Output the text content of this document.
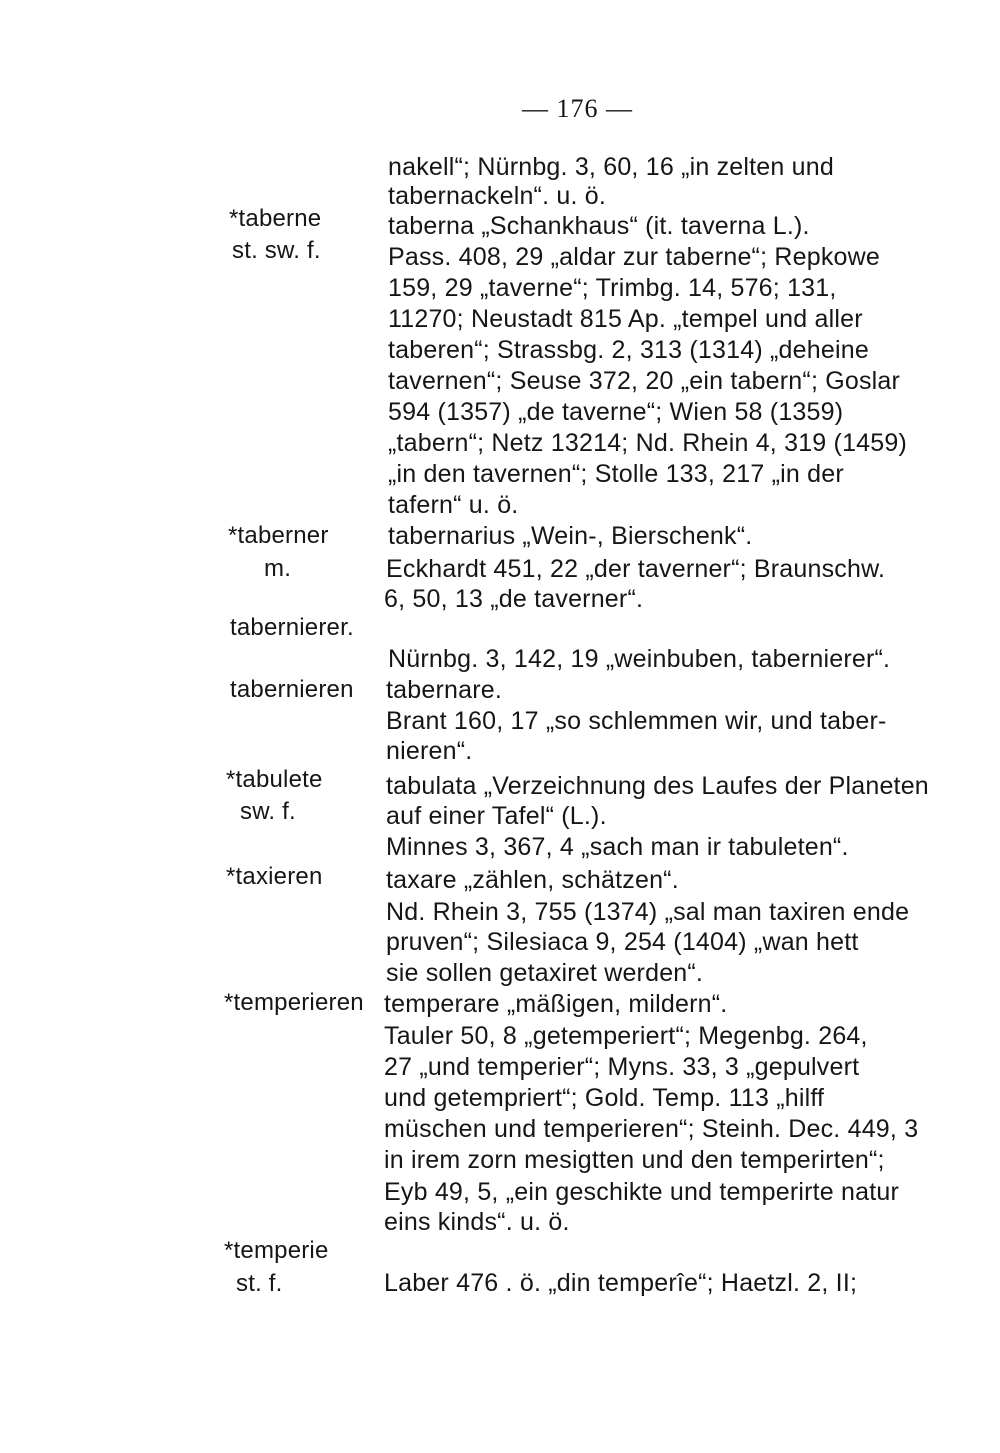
— 176 —
*taberne
st. sw. f.
*taberner
m.
tabernierer.
tabernieren
*tabulete
sw. f.
*taxieren
*temperieren
*temperie
st. f.
nakell“; Nürnbg. 3, 60, 16 „in zelten und
tabernackeln“. u. ö.
taberna „Schankhaus“ (it. taverna L.).
Pass. 408, 29 „aldar zur taberne“; Repkowe
159, 29 „taverne“; Trimbg. 14, 576; 131,
11270; Neustadt 815 Ap. „tempel und aller
taberen“; Strassbg. 2, 313 (1314) „deheine
tavernen“; Seuse 372, 20 „ein tabern“; Goslar
594 (1357) „de taverne“; Wien 58 (1359)
„tabern“; Netz 13214; Nd. Rhein 4, 319 (1459)
„in den tavernen“; Stolle 133, 217 „in der
tafern“ u. ö.
tabernarius „Wein-, Bierschenk“.
Eckhardt 451, 22 „der taverner“; Braunschw.
6, 50, 13 „de taverner“.
Nürnbg. 3, 142, 19 „weinbuben, tabernierer“.
tabernare.
Brant 160, 17 „so schlemmen wir, und taber-
nieren“.
tabulata „Verzeichnung des Laufes der Planeten
auf einer Tafel“ (L.).
Minnes 3, 367, 4 „sach man ir tabuleten“.
taxare „zählen, schätzen“.
Nd. Rhein 3, 755 (1374) „sal man taxiren ende
pruven“; Silesiaca 9, 254 (1404) „wan hett
sie sollen getaxiret werden“.
temperare „mäßigen, mildern“.
Tauler 50, 8 „getemperiert“; Megenbg. 264,
27 „und temperier“; Myns. 33, 3 „gepulvert
und getempriert“; Gold. Temp. 113 „hilff
müschen und temperieren“; Steinh. Dec. 449, 3
in irem zorn mesigtten und den temperirten“;
Eyb 49, 5, „ein geschikte und temperirte natur
eins kinds“. u. ö.
Laber 476 . ö. „din temperîe“; Haetzl. 2, II;
